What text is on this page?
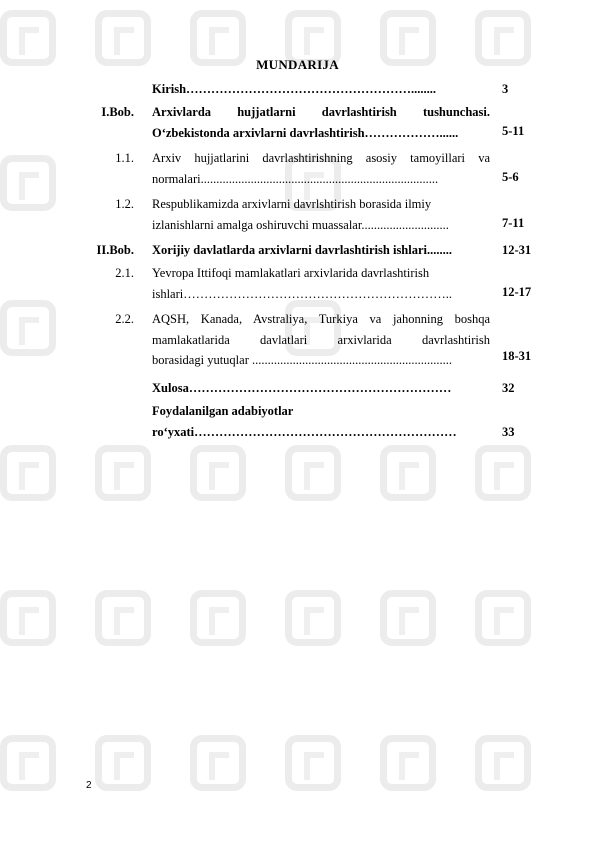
MUNDARIJA
Kirish………………………………………………........	3
I.Bob. Arxivlarda hujjatlarni davrlashtirish tushunchasi.
O‘zbekistonda arxivlarni davrlashtirish………………......	5-11
1.1. Arxiv hujjatlarini davrlashtirishning asosiy tamoyillari va
normalari............................................................................	5-6
1.2. Respublikamizda arxivlarni davrlshtirish borasida ilmiy
izlanishlarni amalga oshiruvchi muassalar............................	7-11
II.Bob. Xorijiy davlatlarda arxivlarni davrlashtirish ishlari........	12-31
2.1. Yevropa Ittifoqi mamlakatlari arxivlarida davrlashtirish
ishlari………………………………………………………..	12-17
2.2. AQSH, Kanada, Avstraliya, Turkiya va jahonning boshqa
mamlakatlarida davlatlari arxivlarida davrlashtirish
borasidagi yutuqlar ................................................................	18-31
Xulosa………………………………………………………	32
Foydalanilgan adabiyotlar
ro‘yxati………………………………………………………	33
2
